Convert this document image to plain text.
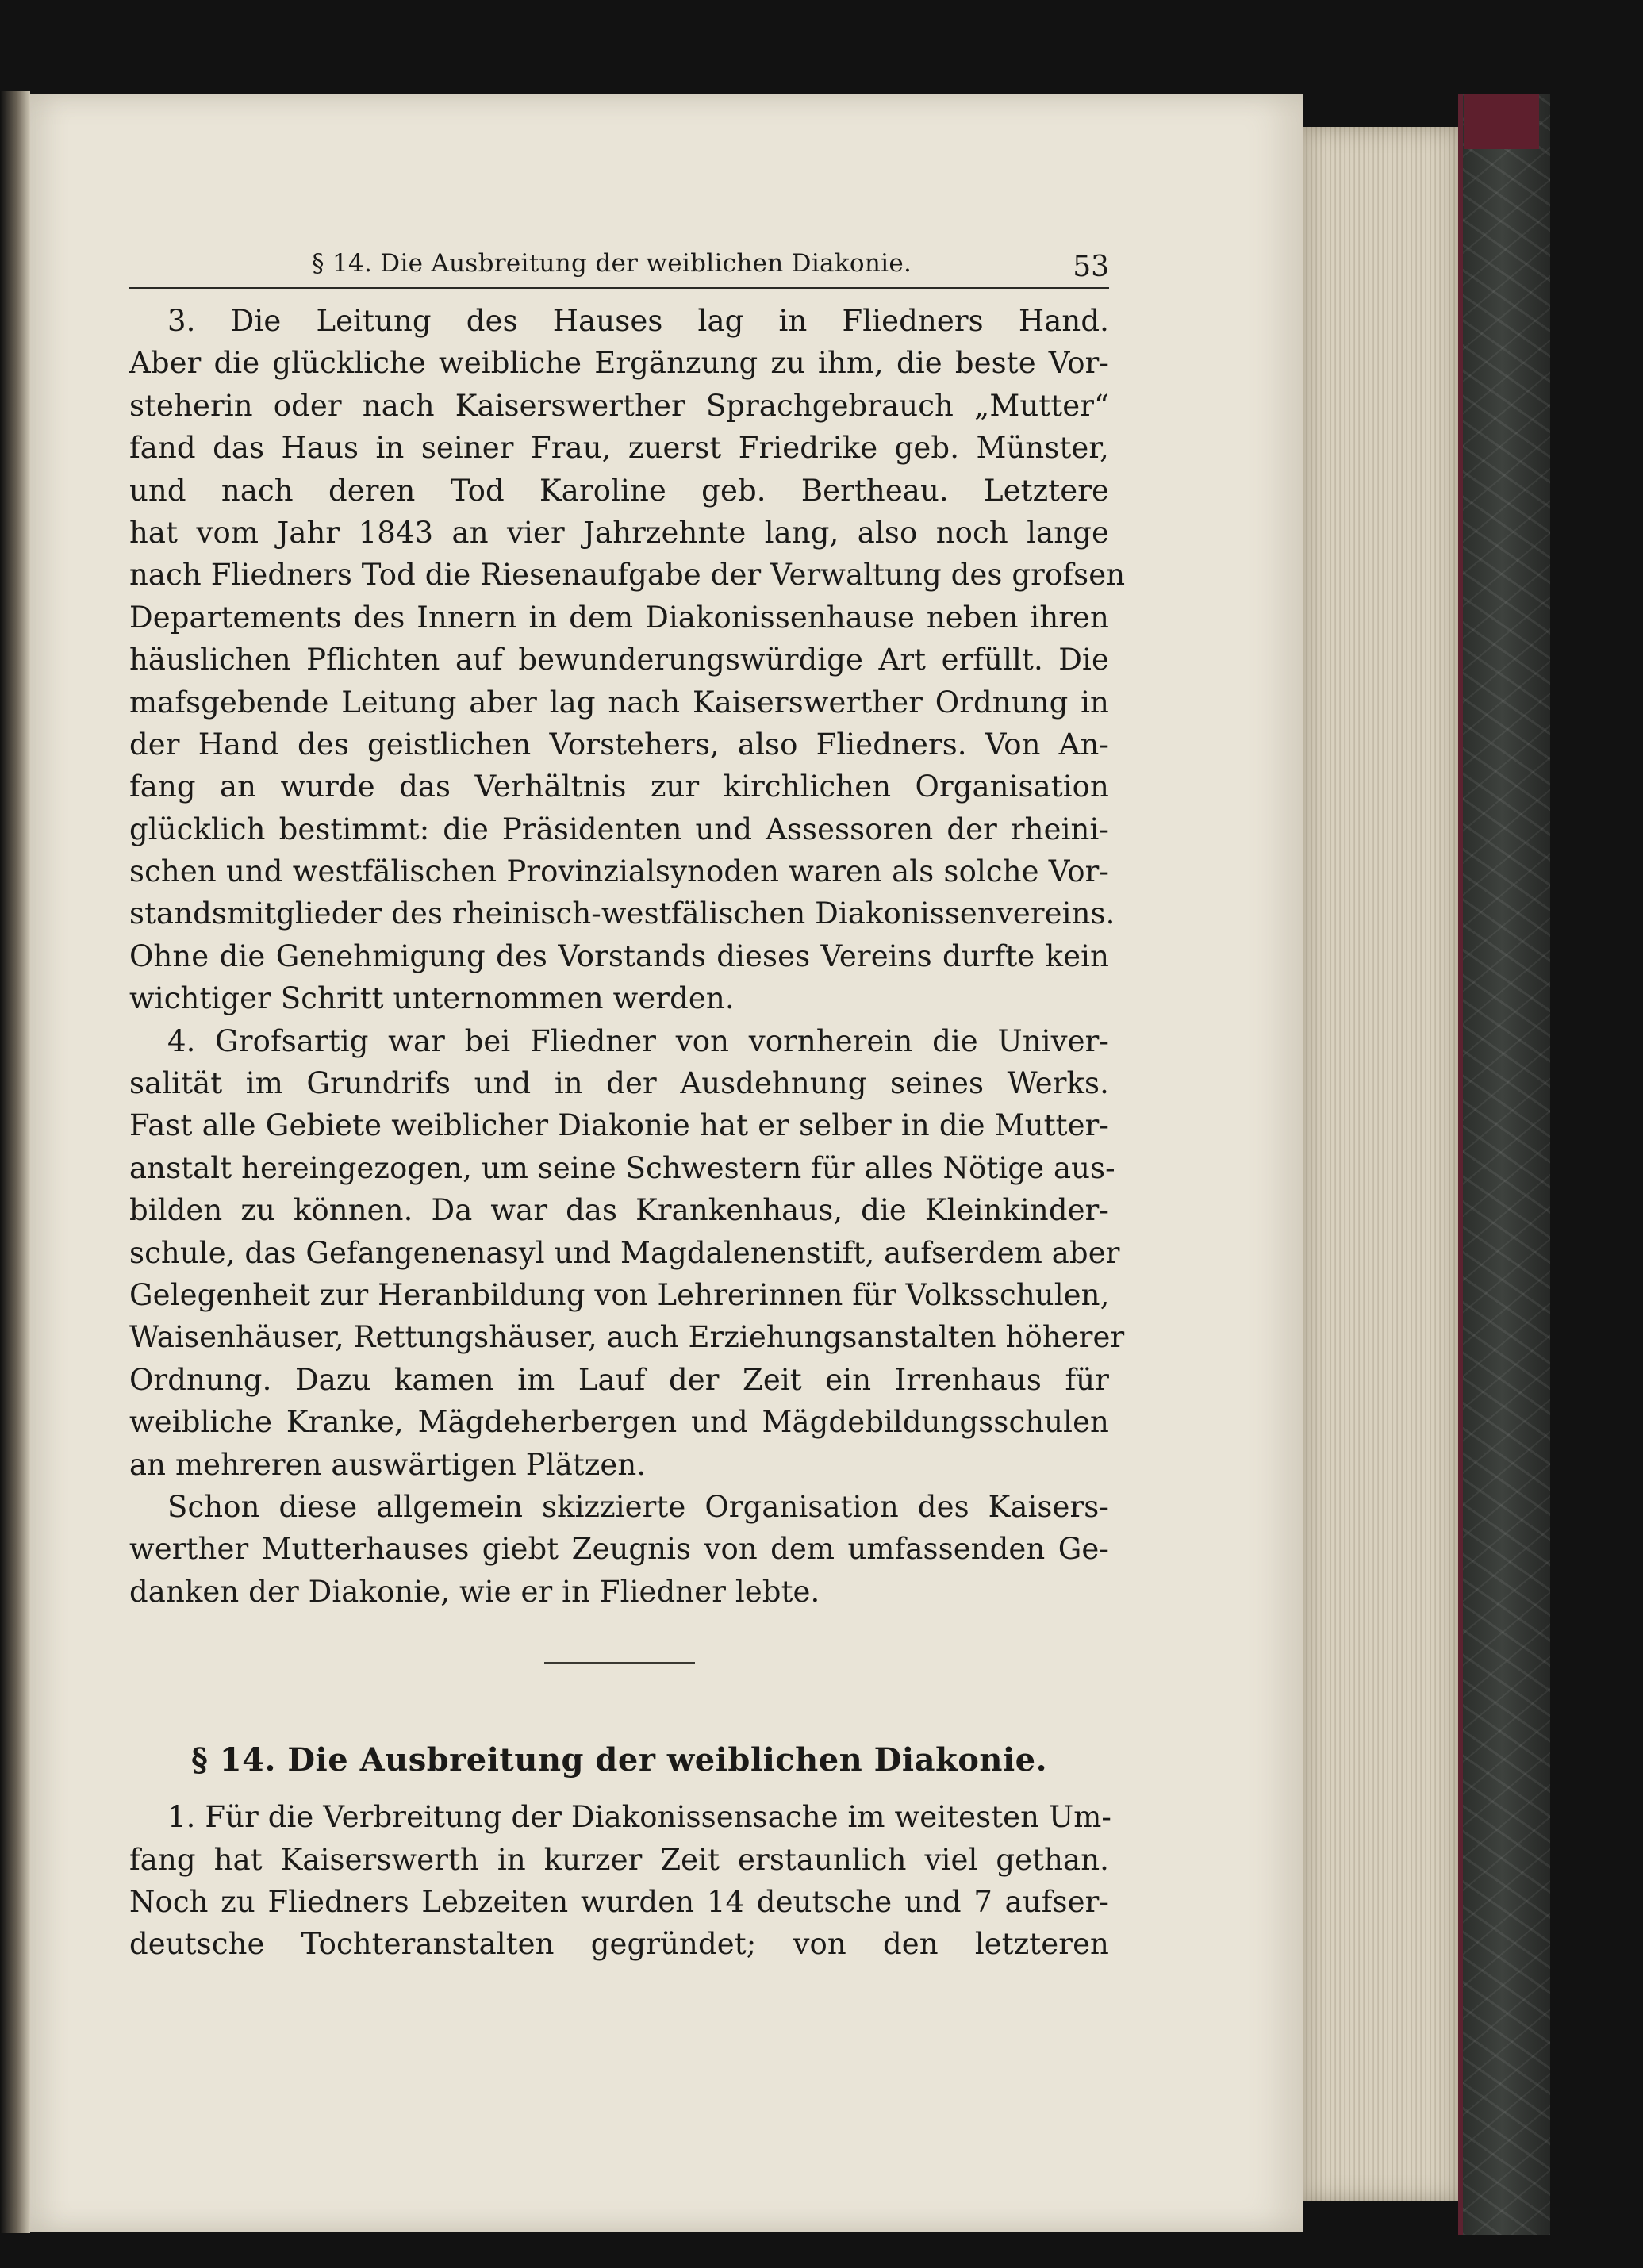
§ 14. Die Ausbreitung der weiblichen Diakonie.	53
3. Die Leitung des Hauses lag in Fliedners Hand.
Aber die glückliche weibliche Ergänzung zu ihm, die beste Vor-
steherin oder nach Kaiserswerther Sprachgebrauch „Mutter“
fand das Haus in seiner Frau, zuerst Friedrike geb. Münster,
und nach deren Tod Karoline geb. Bertheau. Letztere
hat vom Jahr 1843 an vier Jahrzehnte lang, also noch lange
nach Fliedners Tod die Riesenaufgabe der Verwaltung des grofsen
Departements des Innern in dem Diakonissenhause neben ihren
häuslichen Pflichten auf bewunderungswürdige Art erfüllt. Die
mafsgebende Leitung aber lag nach Kaiserswerther Ordnung in
der Hand des geistlichen Vorstehers, also Fliedners. Von An-
fang an wurde das Verhältnis zur kirchlichen Organisation
glücklich bestimmt: die Präsidenten und Assessoren der rheini-
schen und westfälischen Provinzialsynoden waren als solche Vor-
standsmitglieder des rheinisch-westfälischen Diakonissenvereins.
Ohne die Genehmigung des Vorstands dieses Vereins durfte kein
wichtiger Schritt unternommen werden.
4. Grofsartig war bei Fliedner von vornherein die Univer-
salität im Grundrifs und in der Ausdehnung seines Werks.
Fast alle Gebiete weiblicher Diakonie hat er selber in die Mutter-
anstalt hereingezogen, um seine Schwestern für alles Nötige aus-
bilden zu können. Da war das Krankenhaus, die Kleinkinder-
schule, das Gefangenenasyl und Magdalenenstift, aufserdem aber
Gelegenheit zur Heranbildung von Lehrerinnen für Volksschulen,
Waisenhäuser, Rettungshäuser, auch Erziehungsanstalten höherer
Ordnung. Dazu kamen im Lauf der Zeit ein Irrenhaus für
weibliche Kranke, Mägdeherbergen und Mägdebildungsschulen
an mehreren auswärtigen Plätzen.
Schon diese allgemein skizzierte Organisation des Kaisers-
werther Mutterhauses giebt Zeugnis von dem umfassenden Ge-
danken der Diakonie, wie er in Fliedner lebte.
§ 14. Die Ausbreitung der weiblichen Diakonie.
1. Für die Verbreitung der Diakonissensache im weitesten Um-
fang hat Kaiserswerth in kurzer Zeit erstaunlich viel gethan.
Noch zu Fliedners Lebzeiten wurden 14 deutsche und 7 aufser-
deutsche Tochteranstalten gegründet; von den letzteren
